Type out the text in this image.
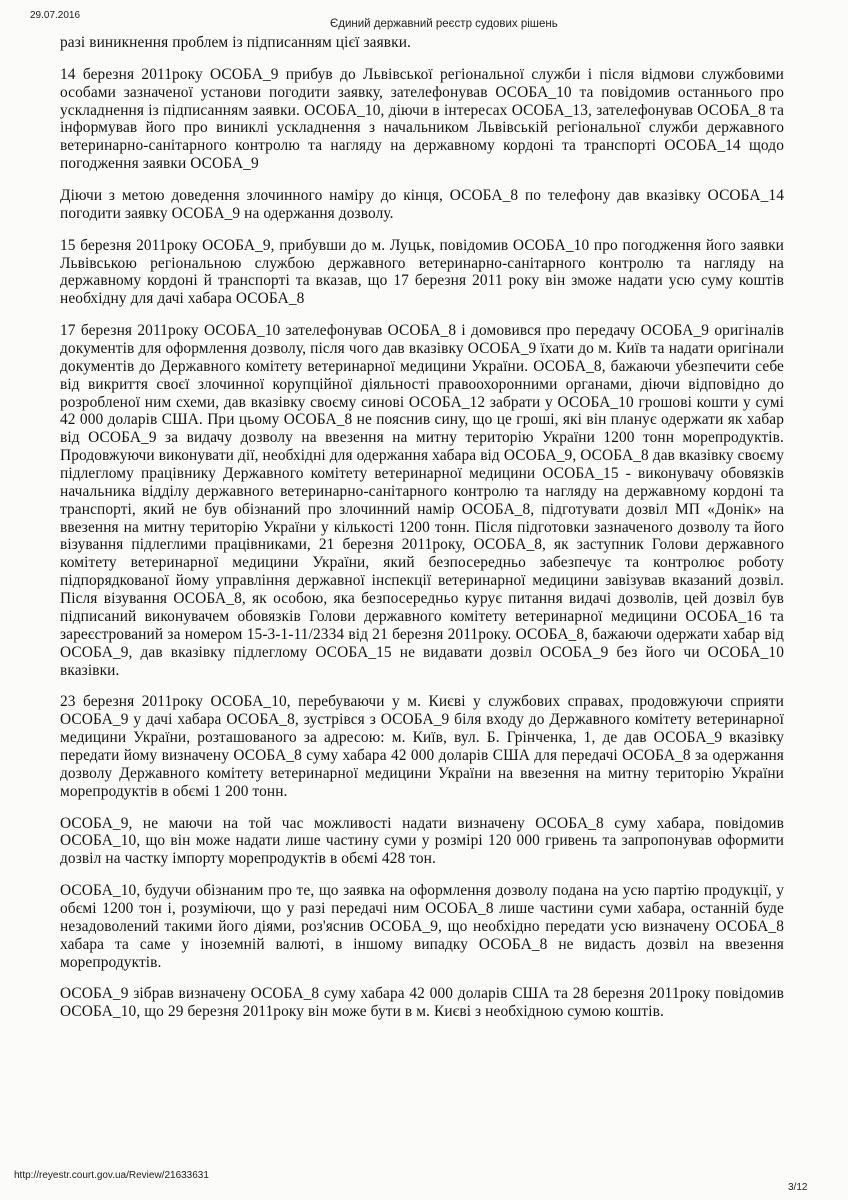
29.07.2016
Єдиний державний реєстр судових рішень

разі виникнення проблем із підписанням цієї заявки.

14 березня 2011року ОСОБА_9 прибув до Львівської регіональної служби і після відмови службовими особами зазначеної установи погодити заявку, зателефонував ОСОБА_10 та повідомив останнього про ускладнення із підписанням заявки. ОСОБА_10, діючи в інтересах ОСОБА_13, зателефонував ОСОБА_8 та інформував його про виниклі ускладнення з начальником Львівській регіональної служби державного ветеринарно-санітарного контролю та нагляду на державному кордоні та транспорті ОСОБА_14 щодо погодження заявки ОСОБА_9

Діючи з метою доведення злочинного наміру до кінця, ОСОБА_8 по телефону дав вказівку ОСОБА_14 погодити заявку ОСОБА_9 на одержання дозволу.

15 березня 2011року ОСОБА_9, прибувши до м. Луцьк, повідомив ОСОБА_10 про погодження його заявки Львівською регіональною службою державного ветеринарно-санітарного контролю та нагляду на державному кордоні й транспорті та вказав, що 17 березня 2011 року він зможе надати усю суму коштів необхідну для дачі хабара ОСОБА_8

17 березня 2011року ОСОБА_10 зателефонував ОСОБА_8 і домовився про передачу ОСОБА_9 оригіналів документів для оформлення дозволу, після чого дав вказівку ОСОБА_9 їхати до м. Київ та надати оригінали документів до Державного комітету ветеринарної медицини України. ОСОБА_8, бажаючи убезпечити себе від викриття своєї злочинної корупційної діяльності правоохоронними органами, діючи відповідно до розробленої ним схеми, дав вказівку своєму синові ОСОБА_12 забрати у ОСОБА_10 грошові кошти у сумі 42 000 доларів США. При цьому ОСОБА_8 не пояснив сину, що це гроші, які він планує одержати як хабар від ОСОБА_9 за видачу дозволу на ввезення на митну територію України 1200 тонн морепродуктів. Продовжуючи виконувати дії, необхідні для одержання хабара від ОСОБА_9, ОСОБА_8 дав вказівку своєму підлеглому працівнику Державного комітету ветеринарної медицини ОСОБА_15 - виконувачу обовязків начальника відділу державного ветеринарно-санітарного контролю та нагляду на державному кордоні та транспорті, який не був обізнаний про злочинний намір ОСОБА_8, підготувати дозвіл МП «Донік» на ввезення на митну територію України у кількості 1200 тонн. Після підготовки зазначеного дозволу та його візування підлеглими працівниками, 21 березня 2011року, ОСОБА_8, як заступник Голови державного комітету ветеринарної медицини України, який безпосередньо забезпечує та контролює роботу підпорядкованої йому управління державної інспекції ветеринарної медицини завізував вказаний дозвіл. Після візування ОСОБА_8, як особою, яка безпосередньо курує питання видачі дозволів, цей дозвіл був підписаний виконувачем обовязків Голови державного комітету ветеринарної медицини ОСОБА_16 та зареєстрований за номером 15-3-1-11/2334 від 21 березня 2011року. ОСОБА_8, бажаючи одержати хабар від ОСОБА_9, дав вказівку підлеглому ОСОБА_15 не видавати дозвіл ОСОБА_9 без його чи ОСОБА_10 вказівки.

23 березня 2011року ОСОБА_10, перебуваючи у м. Києві у службових справах, продовжуючи сприяти ОСОБА_9 у дачі хабара ОСОБА_8, зустрівся з ОСОБА_9 біля входу до Державного комітету ветеринарної медицини України, розташованого за адресою: м. Київ, вул. Б. Грінченка, 1, де дав ОСОБА_9 вказівку передати йому визначену ОСОБА_8 суму хабара 42 000 доларів США для передачі ОСОБА_8 за одержання дозволу Державного комітету ветеринарної медицини України на ввезення на митну територію України морепродуктів в обємі 1 200 тонн.

ОСОБА_9, не маючи на той час можливості надати визначену ОСОБА_8 суму хабара, повідомив ОСОБА_10, що він може надати лише частину суми у розмірі 120 000 гривень та запропонував оформити дозвіл на частку імпорту морепродуктів в обємі 428 тон.

ОСОБА_10, будучи обізнаним про те, що заявка на оформлення дозволу подана на усю партію продукції, у обємі 1200 тон і, розуміючи, що у разі передачі ним ОСОБА_8 лише частини суми хабара, останній буде незадоволений такими його діями, роз'яснив ОСОБА_9, що необхідно передати усю визначену ОСОБА_8 хабара та саме у іноземній валюті, в іншому випадку ОСОБА_8 не видасть дозвіл на ввезення морепродуктів.

ОСОБА_9 зібрав визначену ОСОБА_8 суму хабара 42 000 доларів США та 28 березня 2011року повідомив ОСОБА_10, що 29 березня 2011року він може бути в м. Києві з необхідною сумою коштів.

http://reyestr.court.gov.ua/Review/21633631
3/12
